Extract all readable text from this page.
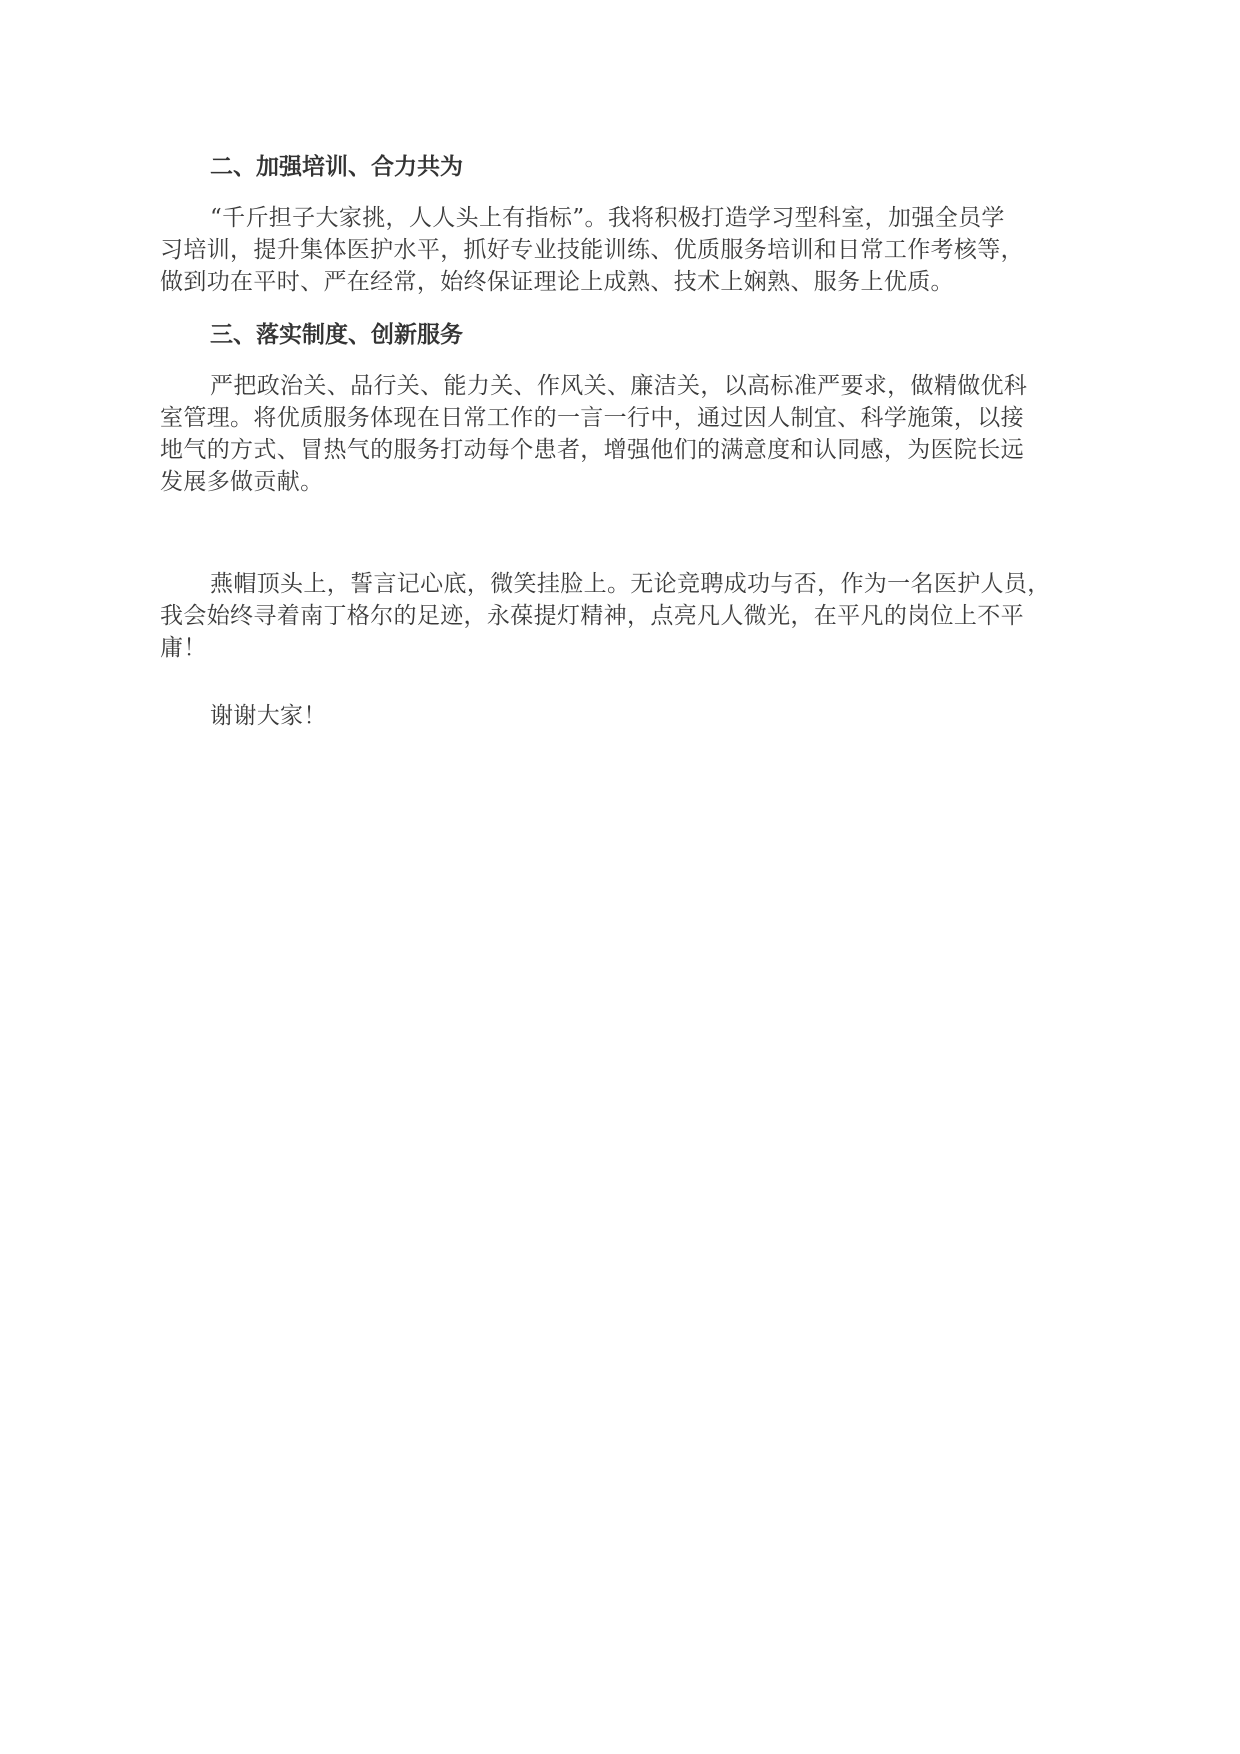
二、加强培训、合力共为
“千斤担子大家挑，人人头上有指标”。我将积极打造学习型科室，加强全员学
习培训，提升集体医护水平，抓好专业技能训练、优质服务培训和日常工作考核等，
做到功在平时、严在经常，始终保证理论上成熟、技术上娴熟、服务上优质。
三、落实制度、创新服务
严把政治关、品行关、能力关、作风关、廉洁关，以高标准严要求，做精做优科
室管理。将优质服务体现在日常工作的一言一行中，通过因人制宜、科学施策，以接
地气的方式、冒热气的服务打动每个患者，增强他们的满意度和认同感，为医院长远
发展多做贡献。
燕帽顶头上，誓言记心底，微笑挂脸上。无论竞聘成功与否，作为一名医护人员，
我会始终寻着南丁格尔的足迹，永葆提灯精神，点亮凡人微光，在平凡的岗位上不平
庸！
谢谢大家！
